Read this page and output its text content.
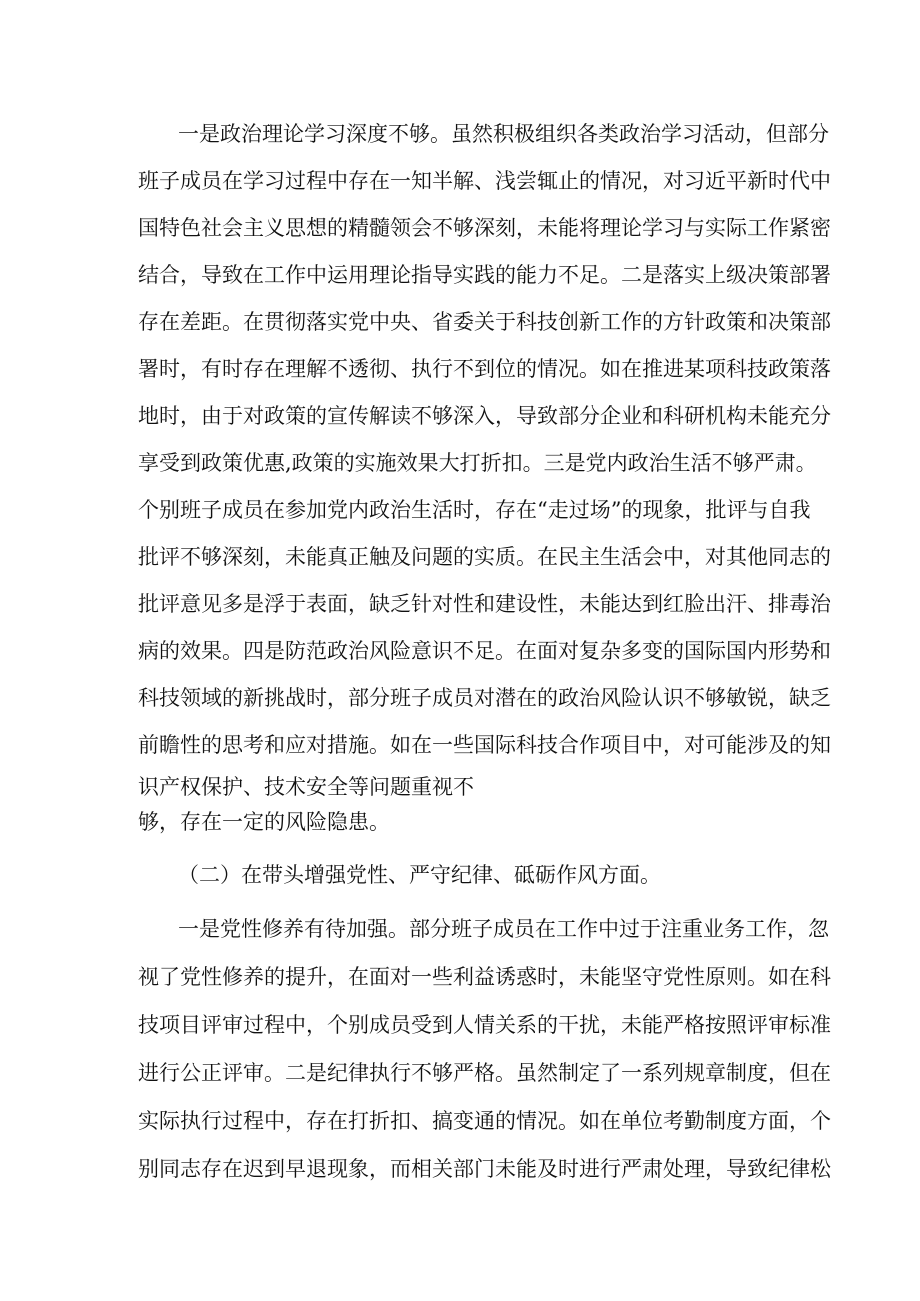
一是政治理论学习深度不够。虽然积极组织各类政治学习活动，但部分
班子成员在学习过程中存在一知半解、浅尝辄止的情况，对习近平新时代中
国特色社会主义思想的精髓领会不够深刻，未能将理论学习与实际工作紧密
结合，导致在工作中运用理论指导实践的能力不足。二是落实上级决策部署
存在差距。在贯彻落实党中央、省委关于科技创新工作的方针政策和决策部
署时，有时存在理解不透彻、执行不到位的情况。如在推进某项科技政策落
地时，由于对政策的宣传解读不够深入，导致部分企业和科研机构未能充分
享受到政策优惠,政策的实施效果大打折扣。三是党内政治生活不够严肃。
个别班子成员在参加党内政治生活时，存在“走过场”的现象，批评与自我
批评不够深刻，未能真正触及问题的实质。在民主生活会中，对其他同志的
批评意见多是浮于表面，缺乏针对性和建设性，未能达到红脸出汗、排毒治
病的效果。四是防范政治风险意识不足。在面对复杂多变的国际国内形势和
科技领域的新挑战时，部分班子成员对潜在的政治风险认识不够敏锐，缺乏
前瞻性的思考和应对措施。如在一些国际科技合作项目中，对可能涉及的知
识产权保护、技术安全等问题重视不
够，存在一定的风险隐患。
（二）在带头增强党性、严守纪律、砥砺作风方面。
一是党性修养有待加强。部分班子成员在工作中过于注重业务工作，忽
视了党性修养的提升，在面对一些利益诱惑时，未能坚守党性原则。如在科
技项目评审过程中，个别成员受到人情关系的干扰，未能严格按照评审标准
进行公正评审。二是纪律执行不够严格。虽然制定了一系列规章制度，但在
实际执行过程中，存在打折扣、搞变通的情况。如在单位考勤制度方面，个
别同志存在迟到早退现象，而相关部门未能及时进行严肃处理，导致纪律松
